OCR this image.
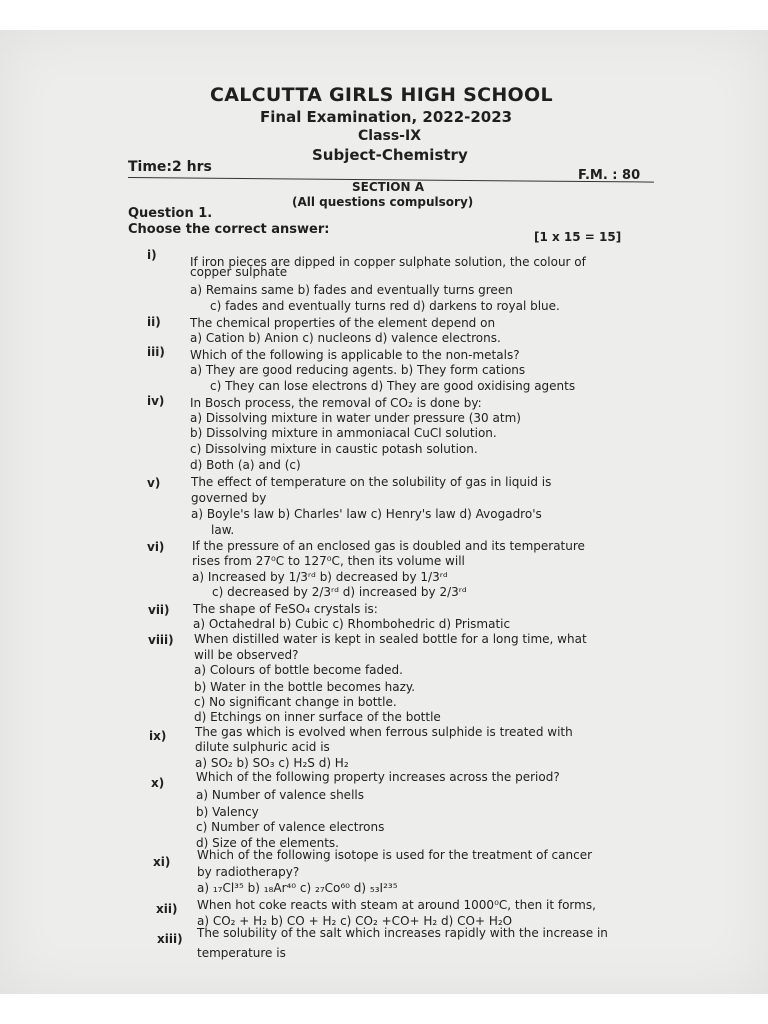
CALCUTTA GIRLS HIGH SCHOOL
Final Examination, 2022-2023
Class-IX
Subject-Chemistry
Time:2 hrs
F.M. : 80
SECTION A
(All questions compulsory)
Question 1.
Choose the correct answer:	[1 x 15 = 15]
i)	If iron pieces are dipped in copper sulphate solution, the colour of
copper sulphate
a) Remains same b) fades and eventually turns green
c) fades and eventually turns red d) darkens to royal blue.
ii) The chemical properties of the element depend on
a) Cation b) Anion c) nucleons d) valence electrons.
iii) Which of the following is applicable to the non-metals?
a) They are good reducing agents. b) They form cations
c) They can lose electrons d) They are good oxidising agents
iv) In Bosch process, the removal of CO₂ is done by:
a) Dissolving mixture in water under pressure (30 atm)
b) Dissolving mixture in ammoniacal CuCl solution.
c) Dissolving mixture in caustic potash solution.
d) Both (a) and (c)
v)	The effect of temperature on the solubility of gas in liquid is
governed by
a) Boyle's law b) Charles' law c) Henry's law d) Avogadro's
law.
vi) If the pressure of an enclosed gas is doubled and its temperature
rises from 27⁰C to 127⁰C, then its volume will
a) Increased by 1/3ʳᵈ b) decreased by 1/3ʳᵈ
c) decreased by 2/3ʳᵈ d) increased by 2/3ʳᵈ
vii) The shape of FeSO₄ crystals is:
a) Octahedral b) Cubic c) Rhombohedric d) Prismatic
viii) When distilled water is kept in sealed bottle for a long time, what
will be observed?
a) Colours of bottle become faded.
b) Water in the bottle becomes hazy.
c) No significant change in bottle.
d) Etchings on inner surface of the bottle
ix) The gas which is evolved when ferrous sulphide is treated with
dilute sulphuric acid is
a) SO₂ b) SO₃ c) H₂S d) H₂
x)	Which of the following property increases across the period?
a) Number of valence shells
b) Valency
c) Number of valence electrons
d) Size of the elements.
xi) Which of the following isotope is used for the treatment of cancer
by radiotherapy?
a) ₁₇Cl³⁵ b) ₁₈Ar⁴⁰ c) ₂₇Co⁶⁰ d) ₅₃I²³⁵
xii) When hot coke reacts with steam at around 1000⁰C, then it forms,
a) CO₂ + H₂ b) CO + H₂ c) CO₂ +CO+ H₂ d) CO+ H₂O
xiii) The solubility of the salt which increases rapidly with the increase in
temperature is
